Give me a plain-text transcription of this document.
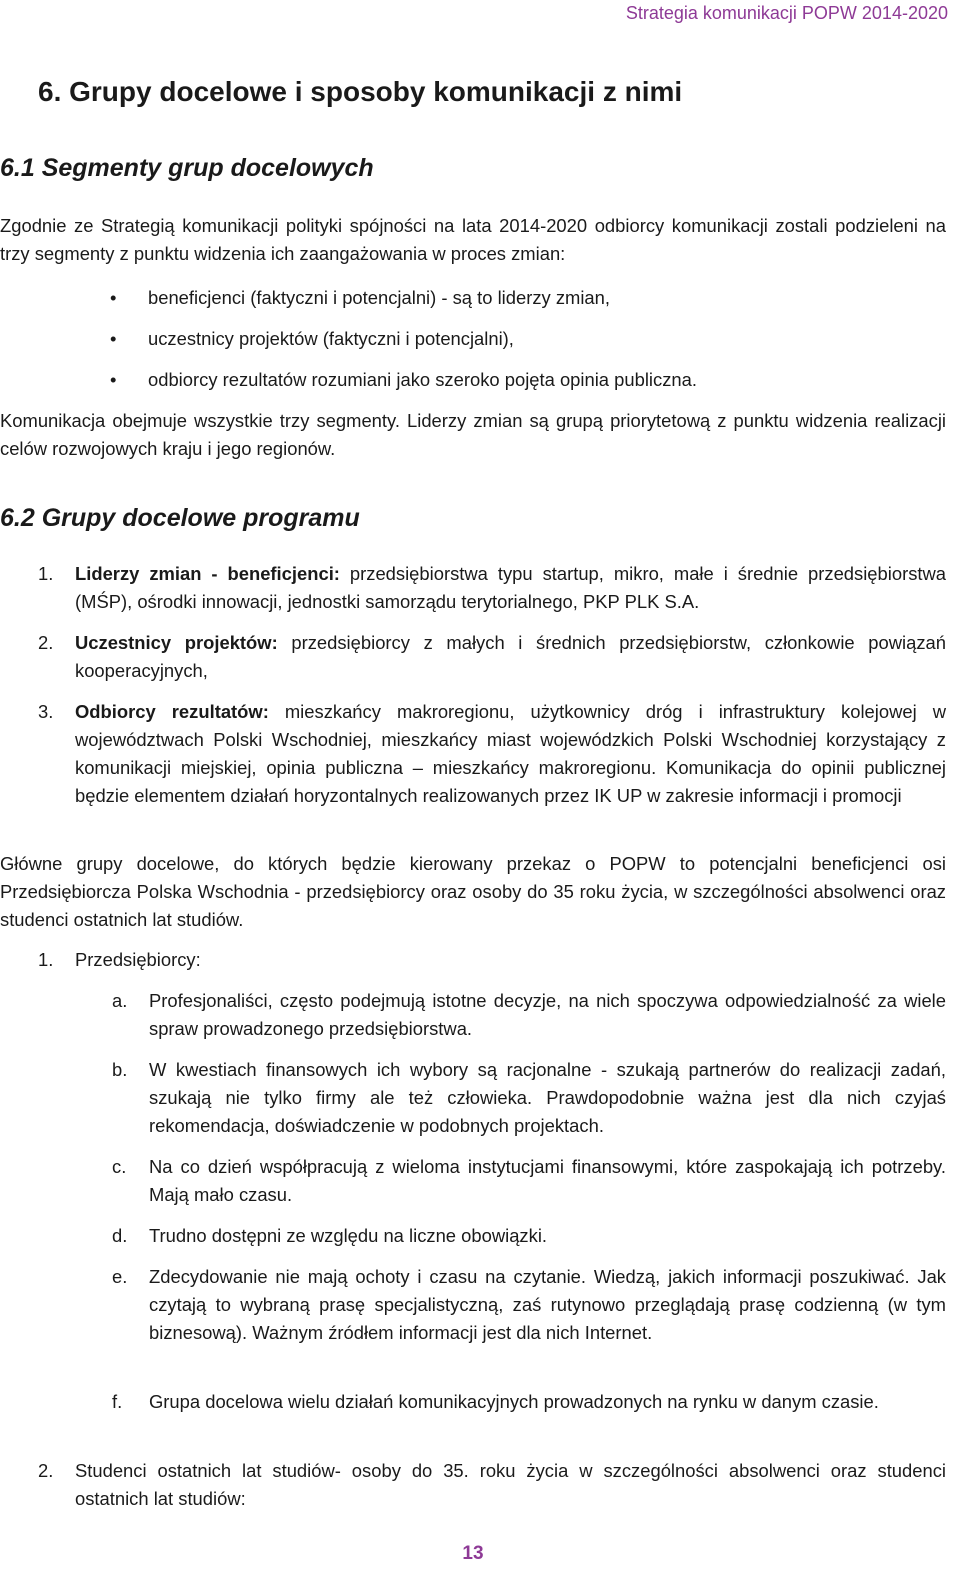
Strategia komunikacji POPW 2014-2020
6. Grupy docelowe i sposoby komunikacji z nimi
6.1 Segmenty grup docelowych
Zgodnie ze Strategią komunikacji polityki spójności na lata 2014-2020 odbiorcy komunikacji zostali podzieleni na trzy segmenty z punktu widzenia ich zaangażowania w proces zmian:
• beneficjenci (faktyczni i potencjalni) - są to liderzy zmian,
• uczestnicy projektów (faktyczni i potencjalni),
• odbiorcy rezultatów rozumiani jako szeroko pojęta opinia publiczna.
Komunikacja obejmuje wszystkie trzy segmenty. Liderzy zmian są grupą priorytetową z punktu widzenia realizacji celów rozwojowych kraju i jego regionów.
6.2 Grupy docelowe programu
1. Liderzy zmian - beneficjenci: przedsiębiorstwa typu startup, mikro, małe i średnie przedsiębiorstwa (MŚP), ośrodki innowacji, jednostki samorządu terytorialnego, PKP PLK S.A.
2. Uczestnicy projektów: przedsiębiorcy z małych i średnich przedsiębiorstw, członkowie powiązań kooperacyjnych,
3. Odbiorcy rezultatów: mieszkańcy makroregionu, użytkownicy dróg i infrastruktury kolejowej w województwach Polski Wschodniej, mieszkańcy miast wojewódzkich Polski Wschodniej korzystający z komunikacji miejskiej, opinia publiczna – mieszkańcy makroregionu. Komunikacja do opinii publicznej będzie elementem działań horyzontalnych realizowanych przez IK UP w zakresie informacji i promocji
Główne grupy docelowe, do których będzie kierowany przekaz o POPW to potencjalni beneficjenci osi Przedsiębiorcza Polska Wschodnia - przedsiębiorcy oraz osoby do 35 roku życia, w szczególności absolwenci oraz studenci ostatnich lat studiów.
1. Przedsiębiorcy:
a. Profesjonaliści, często podejmują istotne decyzje, na nich spoczywa odpowiedzialność za wiele spraw prowadzonego przedsiębiorstwa.
b. W kwestiach finansowych ich wybory są racjonalne - szukają partnerów do realizacji zadań, szukają nie tylko firmy ale też człowieka. Prawdopodobnie ważna jest dla nich czyjaś rekomendacja, doświadczenie w podobnych projektach.
c. Na co dzień współpracują z wieloma instytucjami finansowymi, które zaspokajają ich potrzeby. Mają mało czasu.
d. Trudno dostępni ze względu na liczne obowiązki.
e. Zdecydowanie nie mają ochoty i czasu na czytanie. Wiedzą, jakich informacji poszukiwać. Jak czytają to wybraną prasę specjalistyczną, zaś rutynowo przeglądają prasę codzienną (w tym biznesową). Ważnym źródłem informacji jest dla nich Internet.
f. Grupa docelowa wielu działań komunikacyjnych prowadzonych na rynku w danym czasie.
2. Studenci ostatnich lat studiów- osoby do 35. roku życia w szczególności absolwenci oraz studenci ostatnich lat studiów:
13
